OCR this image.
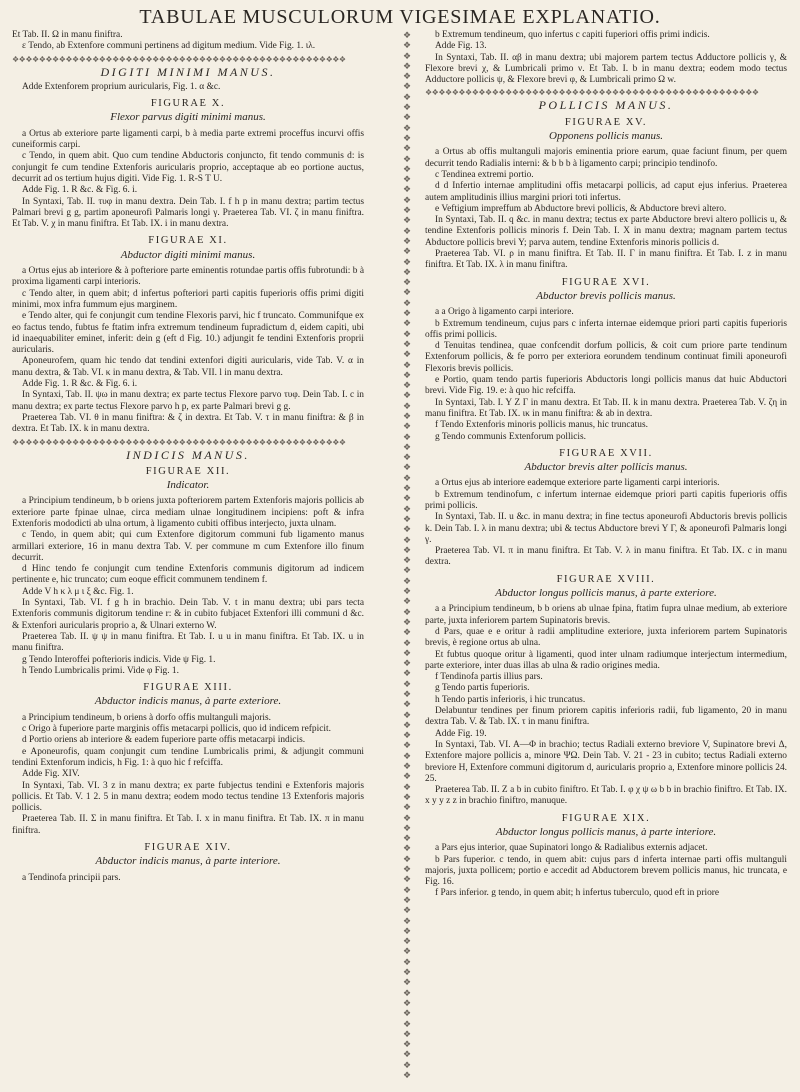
TABULAE MUSCULORUM VIGESIMAE EXPLANATIO.

Et Tab. II. Ω in manu finiftra.

ε Tendo, ab Extenfore communi pertinens ad digitum medium. Vide Fig. 1. ιλ.

❖❖❖❖❖❖❖❖❖❖❖❖❖❖❖❖❖❖❖❖❖❖❖❖❖❖❖❖❖❖❖❖❖❖❖❖❖❖❖❖❖❖❖❖❖❖❖❖❖❖
DIGITI MINIMI MANUS.

Adde Extenforem proprium auricularis, Fig. 1. α &c.

FIGURAE X.
Flexor parvus digiti minimi manus.

a Ortus ab exteriore parte ligamenti carpi, b à media parte extremi proceffus incurvi offis cuneiformis carpi.

c Tendo, in quem abit. Quo cum tendine Abductoris conjuncto, fit tendo communis d: is conjungit fe cum tendine Extenforis auricularis proprio, acceptaque ab eo portione auctus, decurrit ad os tertium hujus digiti. Vide Fig. 1. R-S T U.

Adde Fig. 1. R &c. & Fig. 6. i.

In Syntaxi, Tab. II. τυφ in manu dextra. Dein Tab. I. f h p in manu dextra; partim tectus Palmari brevi g g, partim aponeurofi Palmaris longi γ. Praeterea Tab. VI. ζ in manu finiftra. Et Tab. V. χ in manu finiftra. Et Tab. IX. i in manu dextra.

FIGURAE XI.
Abductor digiti minimi manus.

a Ortus ejus ab interiore & à pofteriore parte eminentis rotundae partis offis fubrotundi: b à proxima ligamenti carpi interioris.

c Tendo alter, in quem abit; d infertus pofteriori parti capitis fuperioris offis primi digiti minimi, mox infra fummum ejus marginem.

e Tendo alter, qui fe conjungit cum tendine Flexoris parvi, hic f truncato. Communifque ex eo factus tendo, fubtus fe ftatim infra extremum tendineum fupradictum d, eidem capiti, ubi id inaequabiliter eminet, inferit: dein g (eft d Fig. 10.) adjungit fe tendini Extenforis proprii auricularis.

Aponeurofem, quam hic tendo dat tendini extenfori digiti auricularis, vide Tab. V. α in manu dextra, & Tab. VI. κ in manu dextra, & Tab. VII. l in manu dextra.

Adde Fig. 1. R &c. & Fig. 6. i.

In Syntaxi, Tab. II. ψω in manu dextra; ex parte tectus Flexore parvo τυφ. Dein Tab. I. c in manu dextra; ex parte tectus Flexore parvo h p, ex parte Palmari brevi g g.

Praeterea Tab. VI. θ in manu finiftra: & ζ in dextra. Et Tab. V. τ in manu finiftra: & β in dextra. Et Tab. IX. k in manu dextra.

❖❖❖❖❖❖❖❖❖❖❖❖❖❖❖❖❖❖❖❖❖❖❖❖❖❖❖❖❖❖❖❖❖❖❖❖❖❖❖❖❖❖❖❖❖❖❖❖❖❖
INDICIS MANUS.
FIGURAE XII.
Indicator.

a Principium tendineum, b b oriens juxta pofteriorem partem Extenforis majoris pollicis ab exteriore parte fpinae ulnae, circa mediam ulnae longitudinem incipiens: poft & infra Extenforis mododicti ab ulna ortum, à ligamento cubiti offibus interjecto, juxta ulnam.

c Tendo, in quem abit; qui cum Extenfore digitorum communi fub ligamento manus armillari exteriore, 16 in manu dextra Tab. V. per commune m cum Extenfore illo finum decurrit.

d Hinc tendo fe conjungit cum tendine Extenforis communis digitorum ad indicem pertinente e, hic truncato; cum eoque efficit communem tendinem f.

Adde V h κ λ μ ι ξ &c. Fig. 1.

In Syntaxi, Tab. VI. f g h in brachio. Dein Tab. V. t in manu dextra; ubi pars tecta Extenforis communis digitorum tendine r: & in cubito fubjacet Extenfori illi communi d &c. & Extenfori auricularis proprio a, & Ulnari externo W.

Praeterea Tab. II. ψ ψ in manu finiftra. Et Tab. I. u u in manu finiftra. Et Tab. IX. u in manu finiftra.

g Tendo Interoffei pofterioris indicis. Vide ψ Fig. 1.

h Tendo Lumbricalis primi. Vide φ Fig. 1.

FIGURAE XIII.
Abductor indicis manus, à parte exteriore.

a Principium tendineum, b oriens à dorfo offis multanguli majoris.

c Origo à fuperiore parte marginis offis metacarpi pollicis, quo id indicem refpicit.

d Portio oriens ab interiore & eadem fuperiore parte offis metacarpi indicis.

e Aponeurofis, quam conjungit cum tendine Lumbricalis primi, & adjungit communi tendini Extenforum indicis, h Fig. 1: à quo hic f refciffa.

Adde Fig. XIV.

In Syntaxi, Tab. VI. 3 z in manu dextra; ex parte fubjectus tendini e Extenforis majoris pollicis. Et Tab. V. 1 2. 5 in manu dextra; eodem modo tectus tendine 13 Extenforis majoris pollicis.

Praeterea Tab. II. Σ in manu finiftra. Et Tab. I. x in manu finiftra. Et Tab. IX. π in manu finiftra.

FIGURAE XIV.
Abductor indicis manus, à parte interiore.

a Tendinofa principii pars.

❖
❖
❖
❖
❖
❖
❖
❖
❖
❖
❖
❖
❖
❖
❖
❖
❖
❖
❖
❖
❖
❖
❖
❖
❖
❖
❖
❖
❖
❖
❖
❖
❖
❖
❖
❖
❖
❖
❖
❖
❖
❖
❖
❖
❖
❖
❖
❖
❖
❖
❖
❖
❖
❖
❖
❖
❖
❖
❖
❖
❖
❖
❖
❖
❖
❖
❖
❖
❖
❖
❖
❖
❖
❖
❖
❖
❖
❖
❖
❖
❖
❖
❖
❖
❖
❖
❖
❖
❖
❖
❖
❖
❖
❖
❖
❖
❖
❖
❖
❖
❖
❖

b Extremum tendineum, quo infertus c capiti fuperiori offis primi indicis.

Adde Fig. 13.

In Syntaxi, Tab. II. αβ in manu dextra; ubi majorem partem tectus Adductore pollicis γ, & Flexore brevi χ, & Lumbricali primo ν. Et Tab. I. b in manu dextra; eodem modo tectus Adductore pollicis ψ, & Flexore brevi φ, & Lumbricali primo Ω w.

❖❖❖❖❖❖❖❖❖❖❖❖❖❖❖❖❖❖❖❖❖❖❖❖❖❖❖❖❖❖❖❖❖❖❖❖❖❖❖❖❖❖❖❖❖❖❖❖❖❖
POLLICIS MANUS.
FIGURAE XV.
Opponens pollicis manus.

a Ortus ab offis multanguli majoris eminentia priore earum, quae faciunt finum, per quem decurrit tendo Radialis interni: & b b b à ligamento carpi; principio tendinofo.

c Tendinea extremi portio.

d d Infertio internae amplitudini offis metacarpi pollicis, ad caput ejus inferius. Praeterea autem amplitudinis illius margini priori toti infertus.

e Veftigium impreffum ab Abductore brevi pollicis, & Abductore brevi altero.

In Syntaxi, Tab. II. q &c. in manu dextra; tectus ex parte Abductore brevi altero pollicis u, & tendine Extenforis pollicis minoris f. Dein Tab. I. X in manu dextra; magnam partem tectus Abductore pollicis brevi Y; parva autem, tendine Extenforis minoris pollicis d.

Praeterea Tab. VI. ρ in manu finiftra. Et Tab. II. Γ in manu finiftra. Et Tab. I. z in manu finiftra. Et Tab. IX. λ in manu finiftra.

FIGURAE XVI.
Abductor brevis pollicis manus.

a a Origo à ligamento carpi interiore.

b Extremum tendineum, cujus pars c inferta internae eidemque priori parti capitis fuperioris offis primi pollicis.

d Tenuitas tendinea, quae confcendit dorfum pollicis, & coit cum priore parte tendinum Extenforum pollicis, & fe porro per exteriora eorundem tendinum continuat fimili aponeurofi Flexoris brevis pollicis.

e Portio, quam tendo partis fuperioris Abductoris longi pollicis manus dat huic Abductori brevi. Vide Fig. 19. e: à quo hic refciffa.

In Syntaxi, Tab. I. Y Z Γ in manu dextra. Et Tab. II. k in manu dextra. Praeterea Tab. V. ζη in manu finiftra. Et Tab. IX. ικ in manu finiftra: & ab in dextra.

f Tendo Extenforis minoris pollicis manus, hic truncatus.

g Tendo communis Extenforum pollicis.

FIGURAE XVII.
Abductor brevis alter pollicis manus.

a Ortus ejus ab interiore eademque exteriore parte ligamenti carpi interioris.

b Extremum tendinofum, c infertum internae eidemque priori parti capitis fuperioris offis primi pollicis.

In Syntaxi, Tab. II. u &c. in manu dextra; in fine tectus aponeurofi Abductoris brevis pollicis k. Dein Tab. I. λ in manu dextra; ubi & tectus Abductore brevi Y Γ, & aponeurofi Palmaris longi γ.

Praeterea Tab. VI. π in manu finiftra. Et Tab. V. λ in manu finiftra. Et Tab. IX. c in manu dextra.

FIGURAE XVIII.
Abductor longus pollicis manus, à parte exteriore.

a a Principium tendineum, b b oriens ab ulnae fpina, ftatim fupra ulnae medium, ab exteriore parte, juxta inferiorem partem Supinatoris brevis.

d Pars, quae e e oritur à radii amplitudine exteriore, juxta inferiorem partem Supinatoris brevis, è regione ortus ab ulna.

Et fubtus quoque oritur à ligamenti, quod inter ulnam radiumque interjectum intermedium, parte exteriore, inter duas illas ab ulna & radio origines media.

f Tendinofa partis illius pars.

g Tendo partis fuperioris.

h Tendo partis inferioris, i hic truncatus.

Delabuntur tendines per finum priorem capitis inferioris radii, fub ligamento, 20 in manu dextra Tab. V. & Tab. IX. τ in manu finiftra.

Adde Fig. 19.

In Syntaxi, Tab. VI. A—Φ in brachio; tectus Radiali externo breviore V, Supinatore brevi Δ, Extenfore majore pollicis a, minore ΨΩ. Dein Tab. V. 21 - 23 in cubito; tectus Radiali externo breviore H, Extenfore communi digitorum d, auricularis proprio a, Extenfore minore pollicis 24. 25.

Praeterea Tab. II. Z a b in cubito finiftro. Et Tab. I. φ χ ψ ω b b in brachio finiftro. Et Tab. IX. x y y z z in brachio finiftro, manuque.

FIGURAE XIX.
Abductor longus pollicis manus, à parte interiore.

a Pars ejus interior, quae Supinatori longo & Radialibus externis adjacet.

b Pars fuperior. c tendo, in quem abit: cujus pars d inferta internae parti offis multanguli majoris, juxta pollicem; portio e accedit ad Abductorem brevem pollicis manus, hic truncata, e Fig. 16.

f Pars inferior. g tendo, in quem abit; h infertus tuberculo, quod eft in priore
